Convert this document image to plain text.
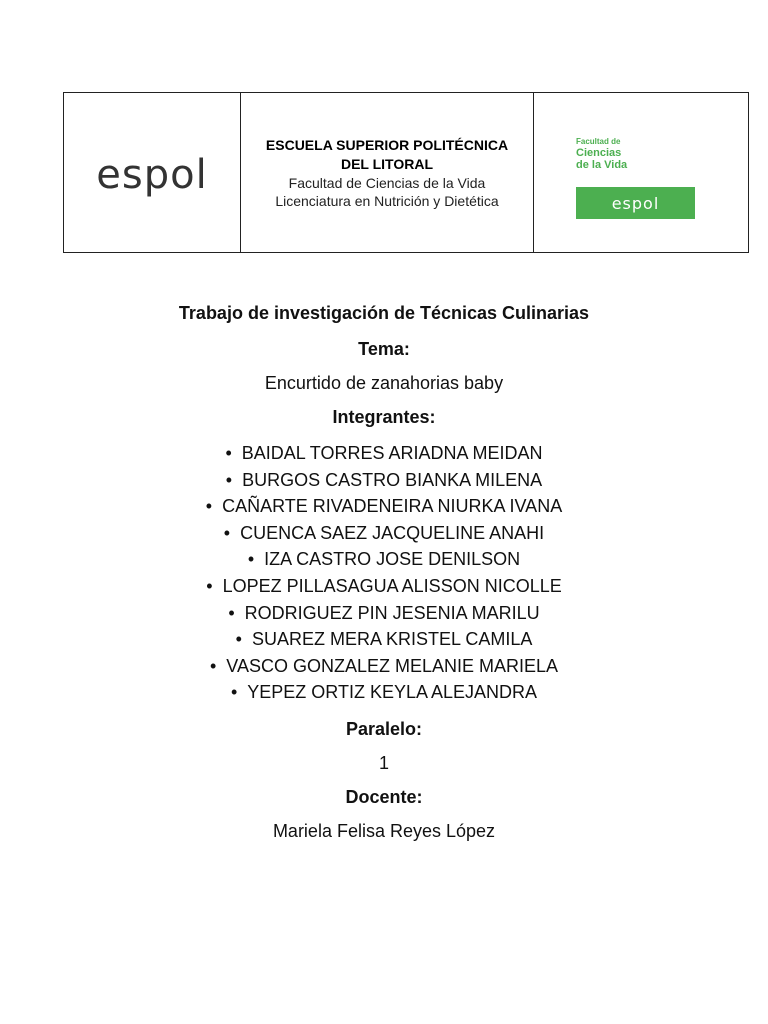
espol
ESCUELA SUPERIOR POLITÉCNICA
DEL LITORAL
Facultad de Ciencias de la Vida
Licenciatura en Nutrición y Dietética
Facultad de
Ciencias
de la Vida
espol
Trabajo de investigación de Técnicas Culinarias
Tema:
Encurtido de zanahorias baby
Integrantes:
• BAIDAL TORRES ARIADNA MEIDAN
• BURGOS CASTRO BIANKA MILENA
• CAÑARTE RIVADENEIRA NIURKA IVANA
• CUENCA SAEZ JACQUELINE ANAHI
• IZA CASTRO JOSE DENILSON
• LOPEZ PILLASAGUA ALISSON NICOLLE
• RODRIGUEZ PIN JESENIA MARILU
• SUAREZ MERA KRISTEL CAMILA
• VASCO GONZALEZ MELANIE MARIELA
• YEPEZ ORTIZ KEYLA ALEJANDRA
Paralelo:
1
Docente:
Mariela Felisa Reyes López
